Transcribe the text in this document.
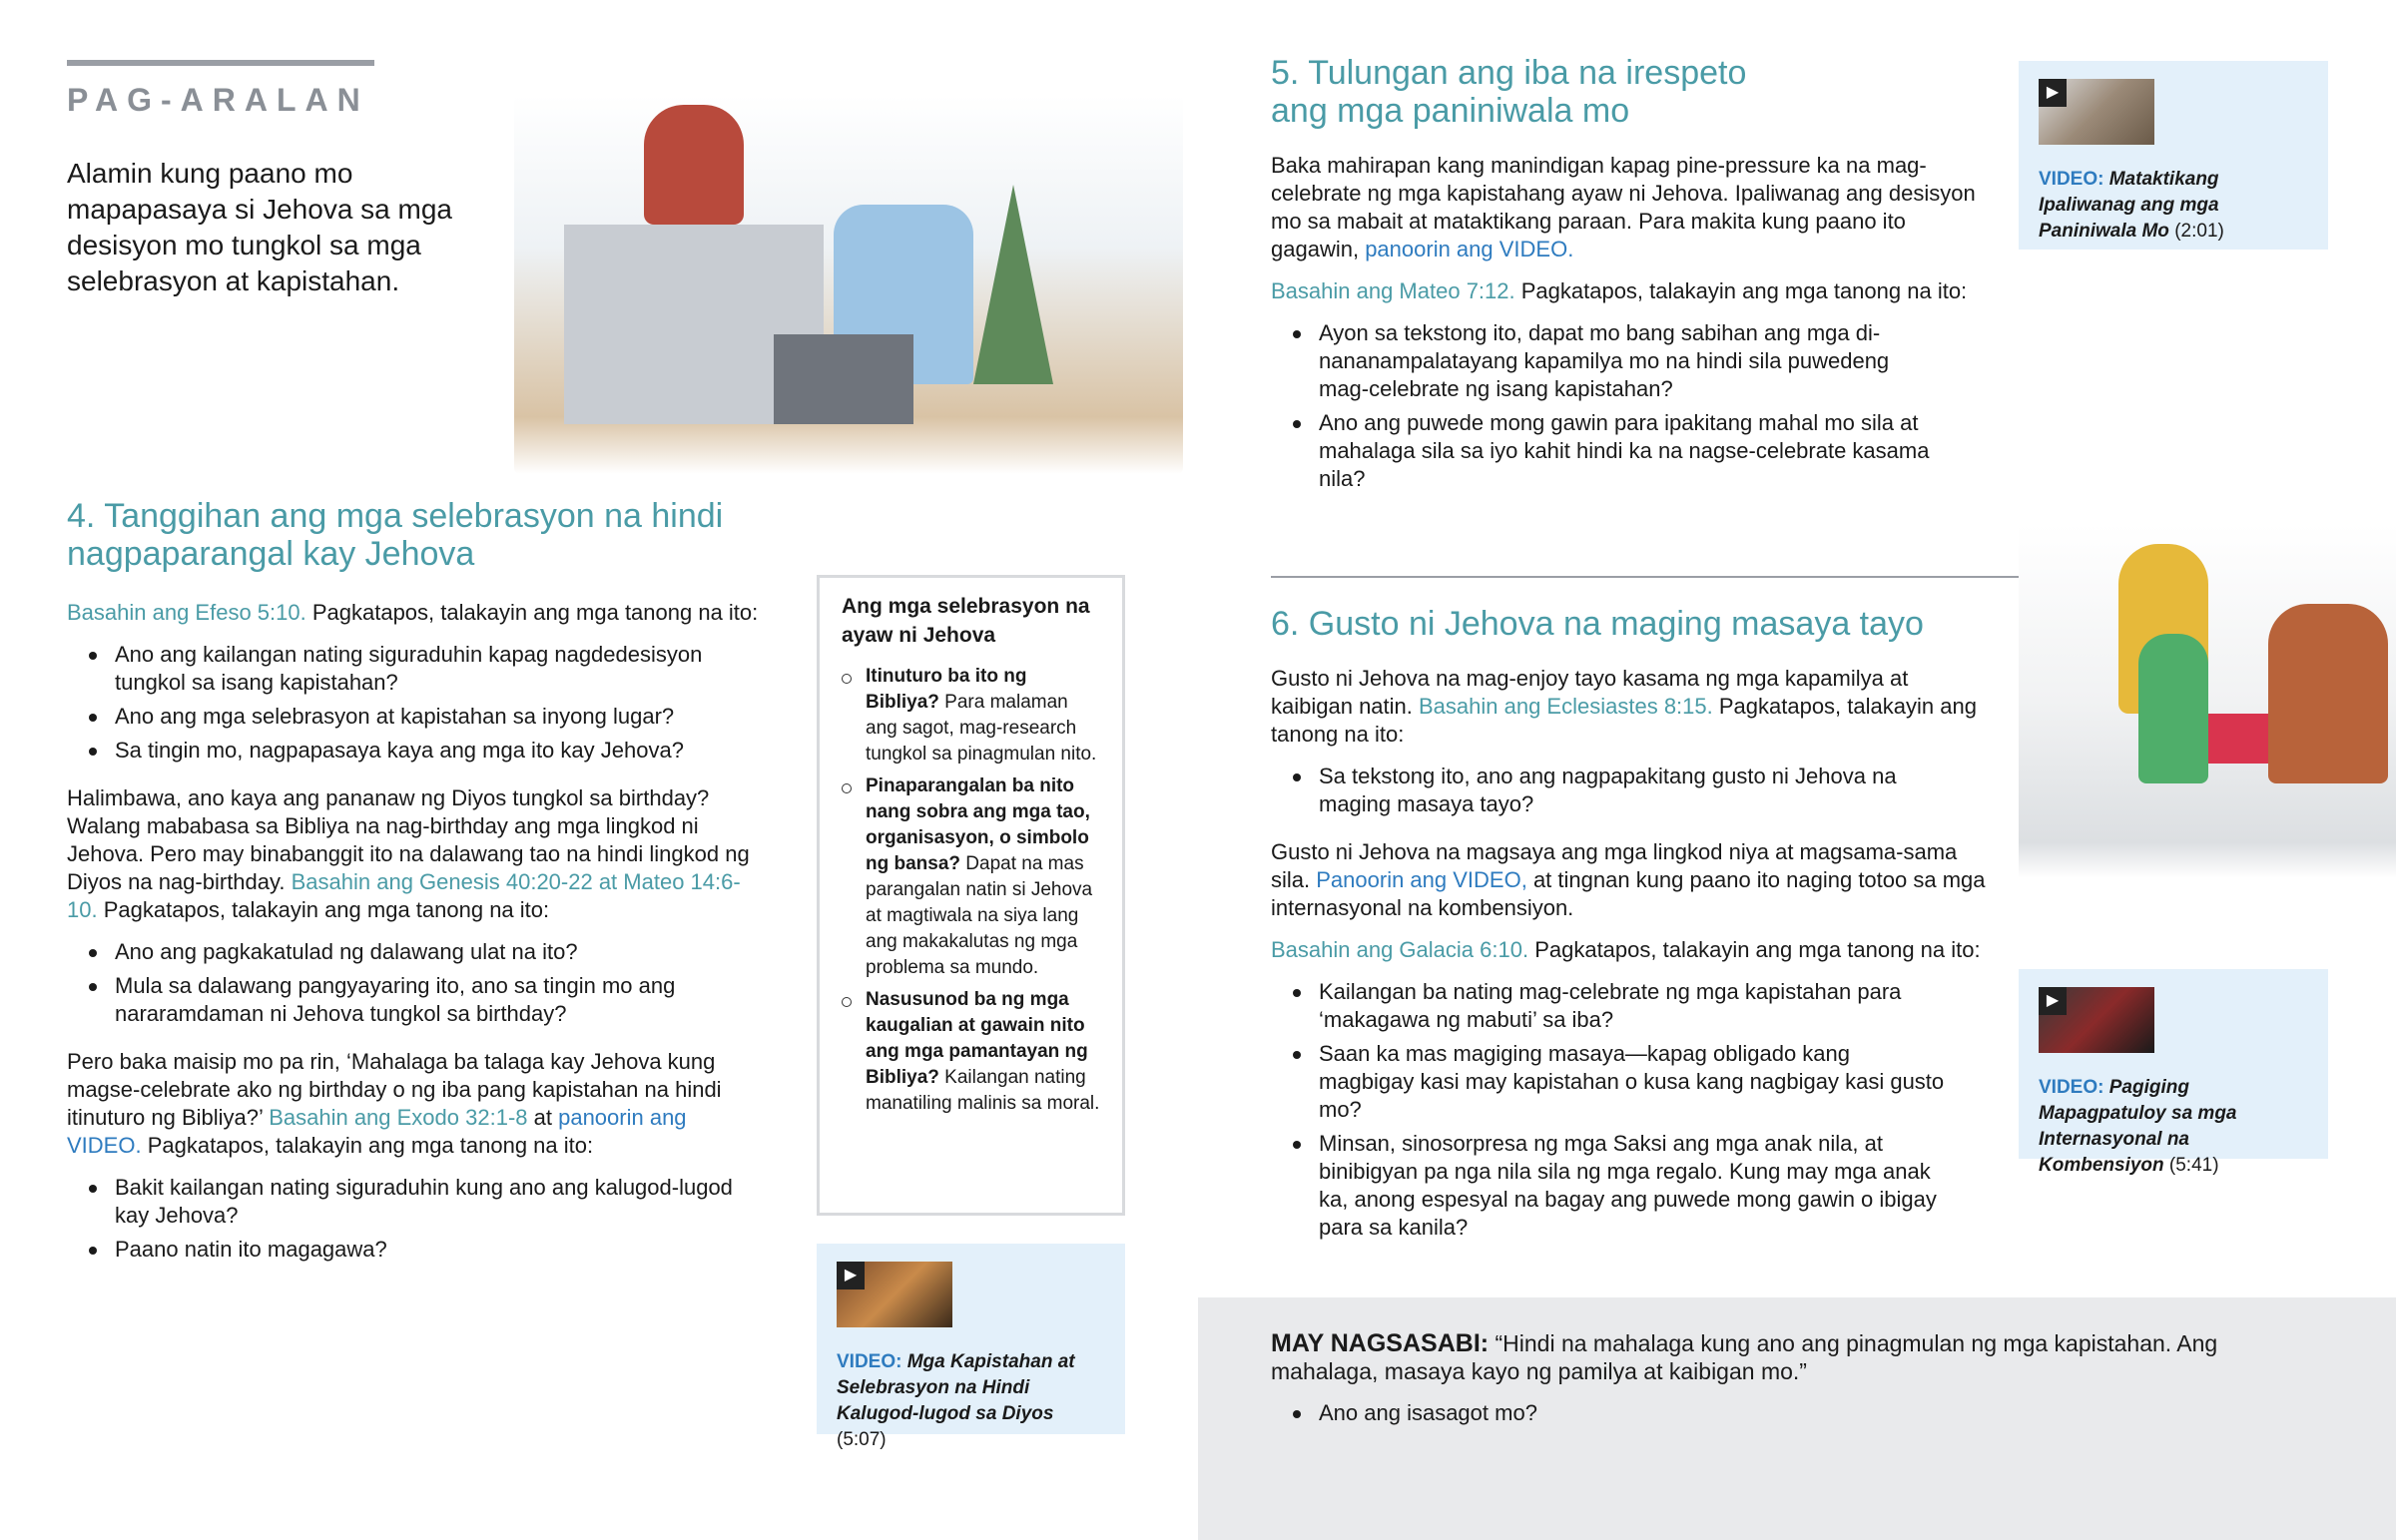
PAG-ARALAN
Alamin kung paano mo mapapasaya si Jehova sa mga desisyon mo tungkol sa mga selebrasyon at kapistahan.
4. Tanggihan ang mga selebrasyon na hindi nagpaparangal kay Jehova

Basahin ang Efeso 5:10. Pagkatapos, talakayin ang mga tanong na ito:

Ano ang kailangan nating siguraduhin kapag nagdedesisyon tungkol sa isang kapistahan?
Ano ang mga selebrasyon at kapistahan sa inyong lugar?
Sa tingin mo, nagpapasaya kaya ang mga ito kay Jehova?

Halimbawa, ano kaya ang pananaw ng Diyos tungkol sa birthday? Walang mababasa sa Bibliya na nag-birthday ang mga lingkod ni Jehova. Pero may binabanggit ito na dalawang tao na hindi lingkod ng Diyos na nag-birthday. Basahin ang Genesis 40:20-22 at Mateo 14:6-10. Pagkatapos, talakayin ang mga tanong na ito:

Ano ang pagkakatulad ng dalawang ulat na ito?
Mula sa dalawang pangyayaring ito, ano sa tingin mo ang nararamdaman ni Jehova tungkol sa birthday?

Pero baka maisip mo pa rin, ‘Mahalaga ba talaga kay Jehova kung magse-celebrate ako ng birthday o ng iba pang kapistahan na hindi itinuturo ng Bibliya?’ Basahin ang Exodo 32:1-8 at panoorin ang VIDEO. Pagkatapos, talakayin ang mga tanong na ito:

Bakit kailangan nating siguraduhin kung ano ang kalugod-lugod kay Jehova?
Paano natin ito magagawa?
Ang mga selebrasyon na ayaw ni Jehova
Itinuturo ba ito ng Bibliya? Para malaman ang sagot, mag-research tungkol sa pinagmulan nito.
Pinaparangalan ba nito nang sobra ang mga tao, organisasyon, o simbolo ng bansa? Dapat na mas parangalan natin si Jehova at magtiwala na siya lang ang makakalutas ng mga problema sa mundo.
Nasusunod ba ng mga kaugalian at gawain nito ang mga pamantayan ng Bibliya? Kailangan nating manatiling malinis sa moral.
▶
VIDEO: Mga Kapistahan at Selebrasyon na Hindi Kalugod-lugod sa Diyos (5:07)
5. Tulungan ang iba na irespeto ang mga paniniwala mo

Baka mahirapan kang manindigan kapag pine-pressure ka na mag-celebrate ng mga kapistahang ayaw ni Jehova. Ipaliwanag ang desisyon mo sa mabait at mataktikang paraan. Para makita kung paano ito gagawin, panoorin ang VIDEO.

Basahin ang Mateo 7:12. Pagkatapos, talakayin ang mga tanong na ito:

Ayon sa tekstong ito, dapat mo bang sabihan ang mga di-nananampalatayang kapamilya mo na hindi sila puwedeng mag-celebrate ng isang kapistahan?
Ano ang puwede mong gawin para ipakitang mahal mo sila at mahalaga sila sa iyo kahit hindi ka na nagse-celebrate kasama nila?
▶
VIDEO: Mataktikang Ipaliwanag ang mga Paniniwala Mo (2:01)
6. Gusto ni Jehova na maging masaya tayo

Gusto ni Jehova na mag-enjoy tayo kasama ng mga kapamilya at kaibigan natin. Basahin ang Eclesiastes 8:15. Pagkatapos, talakayin ang tanong na ito:

Sa tekstong ito, ano ang nagpapakitang gusto ni Jehova na maging masaya tayo?

Gusto ni Jehova na magsaya ang mga lingkod niya at magsama-sama sila. Panoorin ang VIDEO, at tingnan kung paano ito naging totoo sa mga internasyonal na kombensiyon.

Basahin ang Galacia 6:10. Pagkatapos, talakayin ang mga tanong na ito:

Kailangan ba nating mag-celebrate ng mga kapistahan para ‘makagawa ng mabuti’ sa iba?
Saan ka mas magiging masaya—kapag obligado kang magbigay kasi may kapistahan o kusa kang nagbigay kasi gusto mo?
Minsan, sinosorpresa ng mga Saksi ang mga anak nila, at binibigyan pa nga nila sila ng mga regalo. Kung may mga anak ka, anong espesyal na bagay ang puwede mong gawin o ibigay para sa kanila?
▶
VIDEO: Pagiging Mapagpatuloy sa mga Internasyonal na Kombensiyon (5:41)

MAY NAGSASABI: “Hindi na mahalaga kung ano ang pinagmulan ng mga kapistahan. Ang mahalaga, masaya kayo ng pamilya at kaibigan mo.”

Ano ang isasagot mo?
